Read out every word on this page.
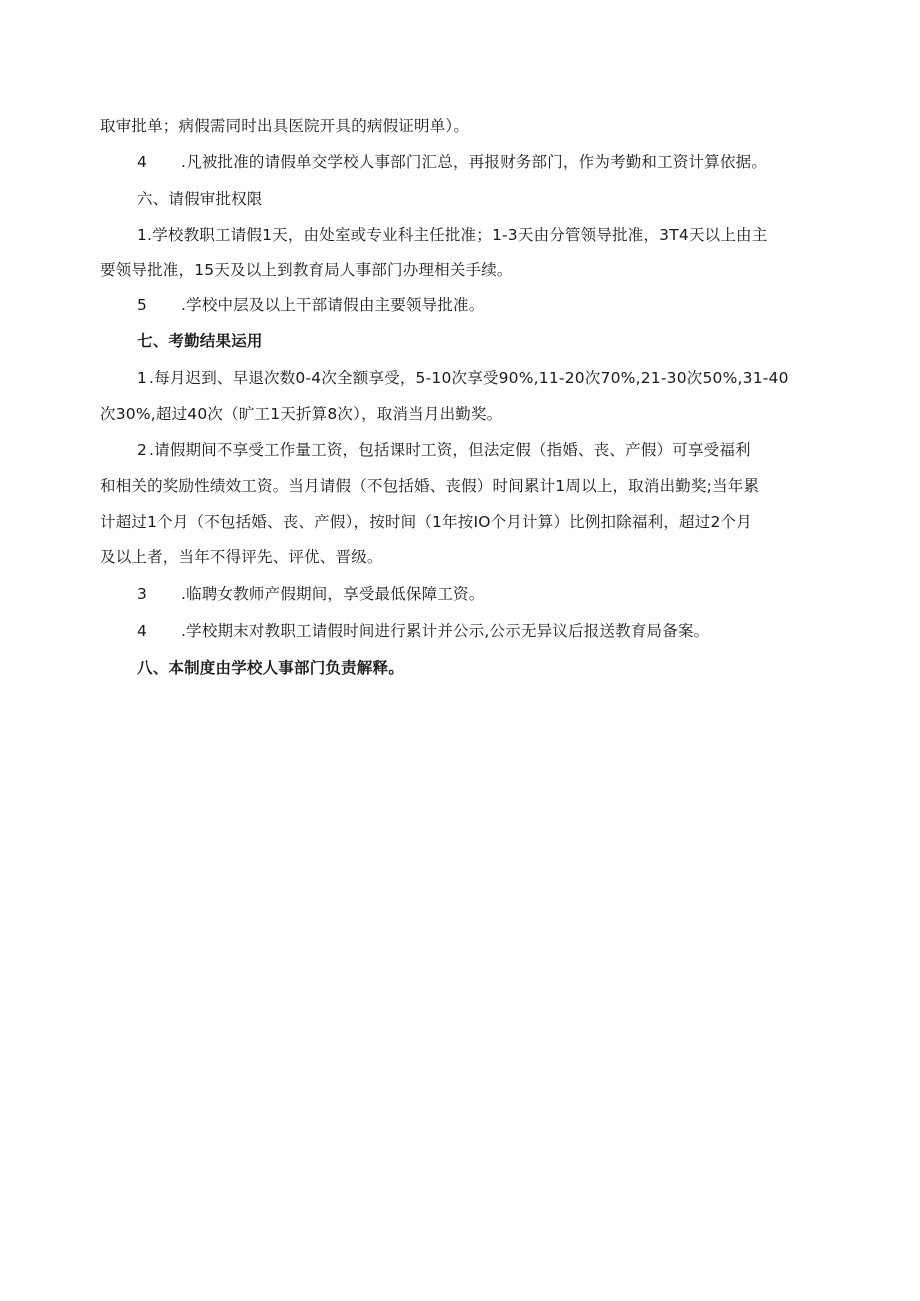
取审批单；病假需同时出具医院开具的病假证明单）。
4 .凡被批准的请假单交学校人事部门汇总，再报财务部门，作为考勤和工资计算依据。
六、请假审批权限
1.学校教职工请假1天，由处室或专业科主任批准；1-3天由分管领导批准，3T4天以上由主
要领导批准，15天及以上到教育局人事部门办理相关手续。
5 .学校中层及以上干部请假由主要领导批准。
七、考勤结果运用
1 .每月迟到、早退次数0-4次全额享受，5-10次享受90%,11-20次70%,21-30次50%,31-40
次30%,超过40次（旷工1天折算8次），取消当月出勤奖。
2 .请假期间不享受工作量工资，包括课时工资，但法定假（指婚、丧、产假）可享受福利
和相关的奖励性绩效工资。当月请假（不包括婚、丧假）时间累计1周以上，取消出勤奖;当年累
计超过1个月（不包括婚、丧、产假），按时间（1年按IO个月计算）比例扣除福利，超过2个月
及以上者，当年不得评先、评优、晋级。
3 .临聘女教师产假期间，享受最低保障工资。
4 .学校期末对教职工请假时间进行累计并公示,公示无异议后报送教育局备案。
八、本制度由学校人事部门负责解释。
